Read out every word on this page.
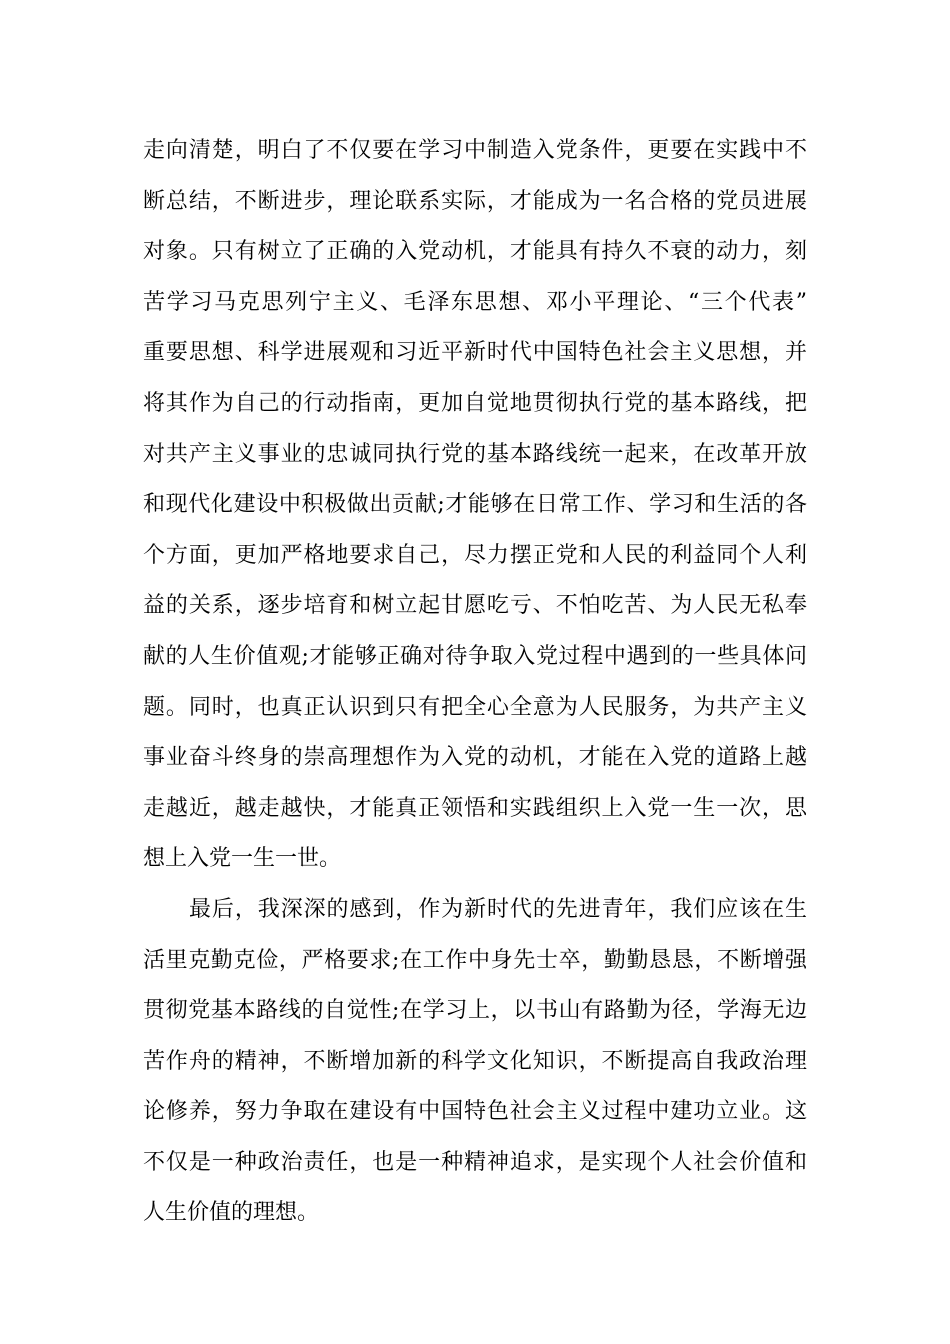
走向清楚，明白了不仅要在学习中制造入党条件，更要在实践中不
断总结，不断进步，理论联系实际，才能成为一名合格的党员进展
对象。只有树立了正确的入党动机，才能具有持久不衰的动力，刻
苦学习马克思列宁主义、毛泽东思想、邓小平理论、“三个代表”
重要思想、科学进展观和习近平新时代中国特色社会主义思想，并
将其作为自己的行动指南，更加自觉地贯彻执行党的基本路线，把
对共产主义事业的忠诚同执行党的基本路线统一起来，在改革开放
和现代化建设中积极做出贡献;才能够在日常工作、学习和生活的各
个方面，更加严格地要求自己，尽力摆正党和人民的利益同个人利
益的关系，逐步培育和树立起甘愿吃亏、不怕吃苦、为人民无私奉
献的人生价值观;才能够正确对待争取入党过程中遇到的一些具体问
题。同时，也真正认识到只有把全心全意为人民服务，为共产主义
事业奋斗终身的崇高理想作为入党的动机，才能在入党的道路上越
走越近，越走越快，才能真正领悟和实践组织上入党一生一次，思
想上入党一生一世。
最后，我深深的感到，作为新时代的先进青年，我们应该在生
活里克勤克俭，严格要求;在工作中身先士卒，勤勤恳恳，不断增强
贯彻党基本路线的自觉性;在学习上，以书山有路勤为径，学海无边
苦作舟的精神，不断增加新的科学文化知识，不断提高自我政治理
论修养，努力争取在建设有中国特色社会主义过程中建功立业。这
不仅是一种政治责任，也是一种精神追求，是实现个人社会价值和
人生价值的理想。
